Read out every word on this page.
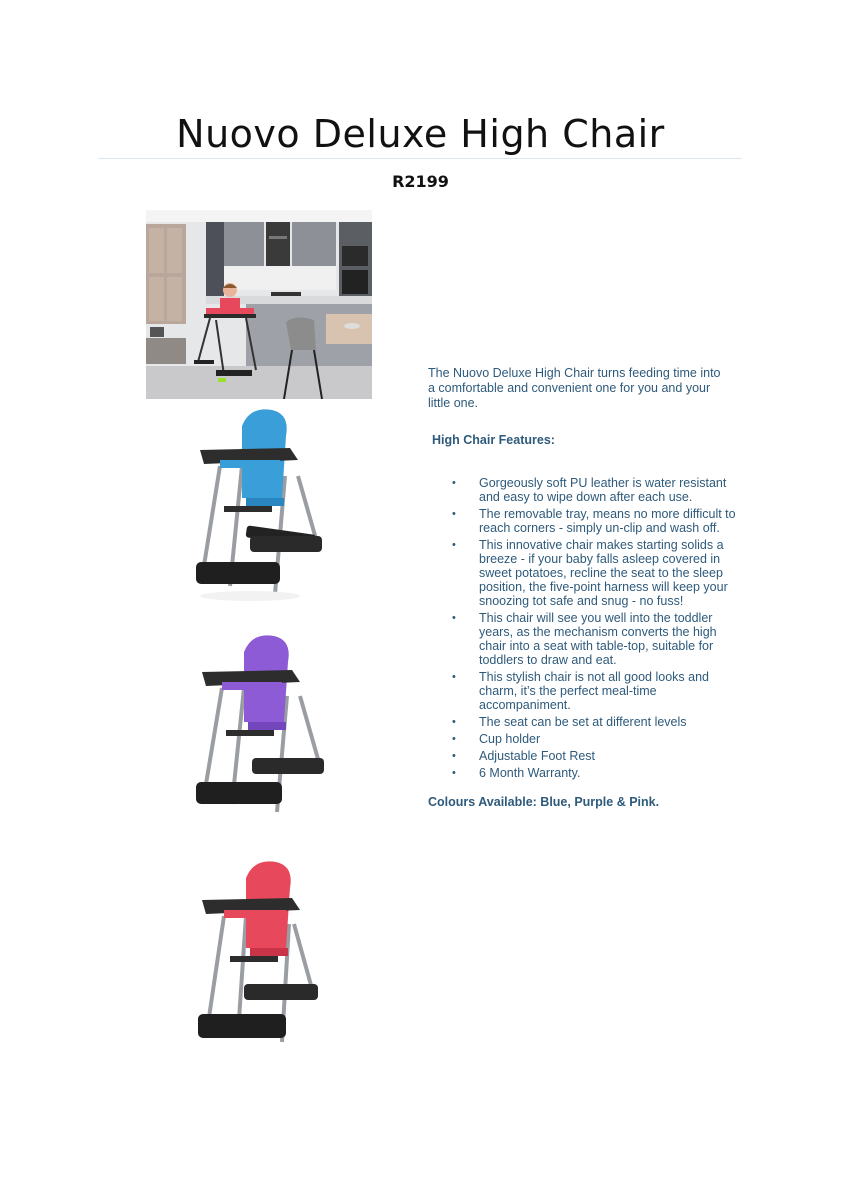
Nuovo Deluxe High Chair
R2199
The Nuovo Deluxe High Chair turns feeding time into a comfortable and convenient one for you and your little one.
High Chair Features:
• Gorgeously soft PU leather is water resistant and easy to wipe down after each use.
• The removable tray, means no more difficult to reach corners - simply un-clip and wash off.
• This innovative chair makes starting solids a breeze - if your baby falls asleep covered in sweet potatoes, recline the seat to the sleep position, the five-point harness will keep your snoozing tot safe and snug - no fuss!
• This chair will see you well into the toddler years, as the mechanism converts the high chair into a seat with table-top, suitable for toddlers to draw and eat.
• This stylish chair is not all good looks and charm, it’s the perfect meal-time accompaniment.
• The seat can be set at different levels
• Cup holder
• Adjustable Foot Rest
• 6 Month Warranty.
Colours Available: Blue, Purple & Pink.
